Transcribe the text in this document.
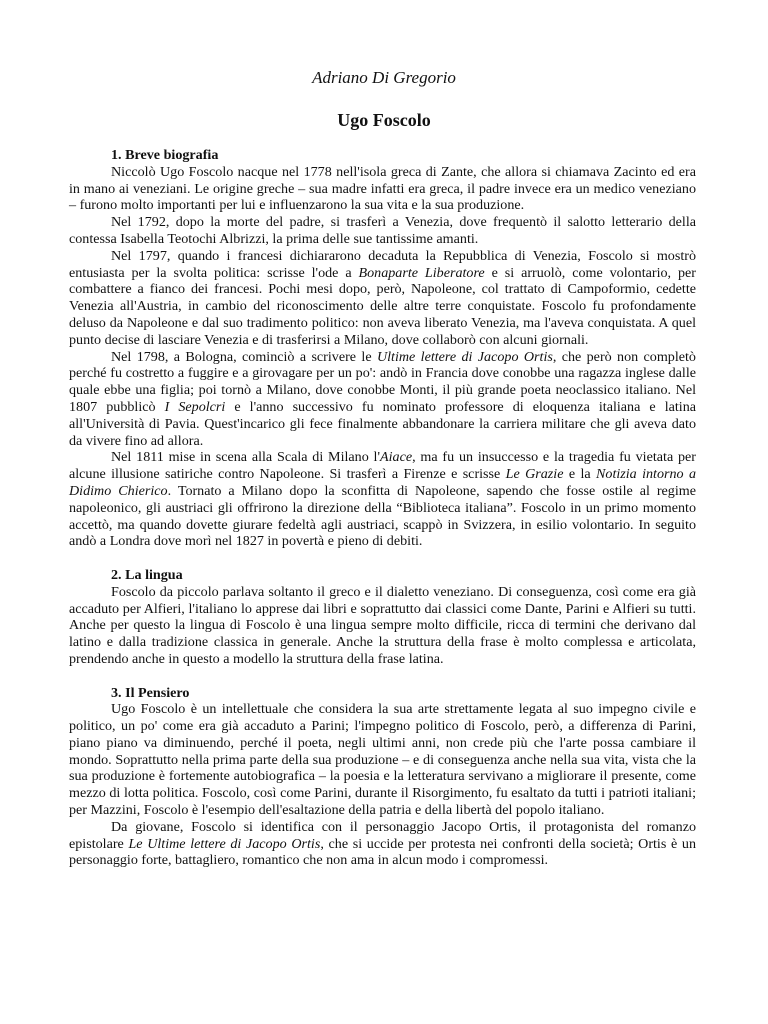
Adriano Di Gregorio
Ugo Foscolo
1. Breve biografia

Niccolò Ugo Foscolo nacque nel 1778 nell'isola greca di Zante, che allora si chiamava Zacinto ed era in mano ai veneziani. Le origine greche – sua madre infatti era greca, il padre invece era un medico veneziano – furono molto importanti per lui e influenzarono la sua vita e la sua produzione.

Nel 1792, dopo la morte del padre, si trasferì a Venezia, dove frequentò il salotto letterario della contessa Isabella Teotochi Albrizzi, la prima delle sue tantissime amanti.

Nel 1797, quando i francesi dichiararono decaduta la Repubblica di Venezia, Foscolo si mostrò entusiasta per la svolta politica: scrisse l'ode a Bonaparte Liberatore e si arruolò, come volontario, per combattere a fianco dei francesi. Pochi mesi dopo, però, Napoleone, col trattato di Campoformio, cedette Venezia all'Austria, in cambio del riconoscimento delle altre terre conquistate. Foscolo fu profondamente deluso da Napoleone e dal suo tradimento politico: non aveva liberato Venezia, ma l'aveva conquistata. A quel punto decise di lasciare Venezia e di trasferirsi a Milano, dove collaborò con alcuni giornali.

Nel 1798, a Bologna, cominciò a scrivere le Ultime lettere di Jacopo Ortis, che però non completò perché fu costretto a fuggire e a girovagare per un po': andò in Francia dove conobbe una ragazza inglese dalle quale ebbe una figlia; poi tornò a Milano, dove conobbe Monti, il più grande poeta neoclassico italiano. Nel 1807 pubblicò I Sepolcri e l'anno successivo fu nominato professore di eloquenza italiana e latina all'Università di Pavia. Quest'incarico gli fece finalmente abbandonare la carriera militare che gli aveva dato da vivere fino ad allora.

Nel 1811 mise in scena alla Scala di Milano l'Aiace, ma fu un insuccesso e la tragedia fu vietata per alcune illusione satiriche contro Napoleone. Si trasferì a Firenze e scrisse Le Grazie e la Notizia intorno a Didimo Chierico. Tornato a Milano dopo la sconfitta di Napoleone, sapendo che fosse ostile al regime napoleonico, gli austriaci gli offrirono la direzione della “Biblioteca italiana”. Foscolo in un primo momento accettò, ma quando dovette giurare fedeltà agli austriaci, scappò in Svizzera, in esilio volontario. In seguito andò a Londra dove morì nel 1827 in povertà e pieno di debiti.

2. La lingua

Foscolo da piccolo parlava soltanto il greco e il dialetto veneziano. Di conseguenza, così come era già accaduto per Alfieri, l'italiano lo apprese dai libri e soprattutto dai classici come Dante, Parini e Alfieri su tutti. Anche per questo la lingua di Foscolo è una lingua sempre molto difficile, ricca di termini che derivano dal latino e dalla tradizione classica in generale. Anche la struttura della frase è molto complessa e articolata, prendendo anche in questo a modello la struttura della frase latina.

3. Il Pensiero

Ugo Foscolo è un intellettuale che considera la sua arte strettamente legata al suo impegno civile e politico, un po' come era già accaduto a Parini; l'impegno politico di Foscolo, però, a differenza di Parini, piano piano va diminuendo, perché il poeta, negli ultimi anni, non crede più che l'arte possa cambiare il mondo. Soprattutto nella prima parte della sua produzione – e di conseguenza anche nella sua vita, vista che la sua produzione è fortemente autobiografica – la poesia e la letteratura servivano a migliorare il presente, come mezzo di lotta politica. Foscolo, così come Parini, durante il Risorgimento, fu esaltato da tutti i patrioti italiani; per Mazzini, Foscolo è l'esempio dell'esaltazione della patria e della libertà del popolo italiano.

Da giovane, Foscolo si identifica con il personaggio Jacopo Ortis, il protagonista del romanzo epistolare Le Ultime lettere di Jacopo Ortis, che si uccide per protesta nei confronti della società; Ortis è un personaggio forte, battagliero, romantico che non ama in alcun modo i compromessi.
